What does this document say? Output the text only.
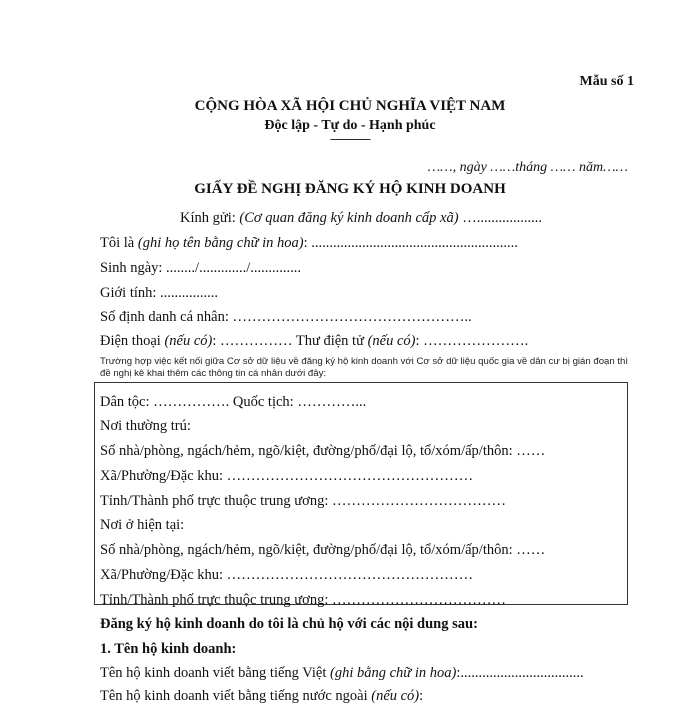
Mẫu số 1
CỘNG HÒA XÃ HỘI CHỦ NGHĨA VIỆT NAM
Độc lập - Tự do - Hạnh phúc
---------------
……, ngày ……tháng …… năm……
GIẤY ĐỀ NGHỊ ĐĂNG KÝ HỘ KINH DOANH
Kính gửi: (Cơ quan đăng ký kinh doanh cấp xã) …..................
Tôi là (ghi họ tên bằng chữ in hoa): .........................................................
Sinh ngày: ......../............./..............
Giới tính: ................
Số định danh cá nhân: …………………………………………..
Điện thoại (nếu có): …………… Thư điện tử (nếu có): ………………….
Trường hợp việc kết nối giữa Cơ sở dữ liệu về đăng ký hộ kinh doanh với Cơ sở dữ liệu quốc gia về dân cư bị gián đoạn thì đề nghị kê khai thêm các thông tin cá nhân dưới đây:
Dân tộc: ……………. Quốc tịch: …………...
Nơi thường trú:
Số nhà/phòng, ngách/hẻm, ngõ/kiệt, đường/phố/đại lộ, tổ/xóm/ấp/thôn: ……
Xã/Phường/Đặc khu: ……………………………………………
Tỉnh/Thành phố trực thuộc trung ương: ………………………………
Nơi ở hiện tại:
Số nhà/phòng, ngách/hẻm, ngõ/kiệt, đường/phố/đại lộ, tổ/xóm/ấp/thôn: ……
Xã/Phường/Đặc khu: ……………………………………………
Tỉnh/Thành phố trực thuộc trung ương: ………………………………
Đăng ký hộ kinh doanh do tôi là chủ hộ với các nội dung sau:
1. Tên hộ kinh doanh:
Tên hộ kinh doanh viết bằng tiếng Việt (ghi bằng chữ in hoa):..................................
Tên hộ kinh doanh viết bằng tiếng nước ngoài (nếu có):
